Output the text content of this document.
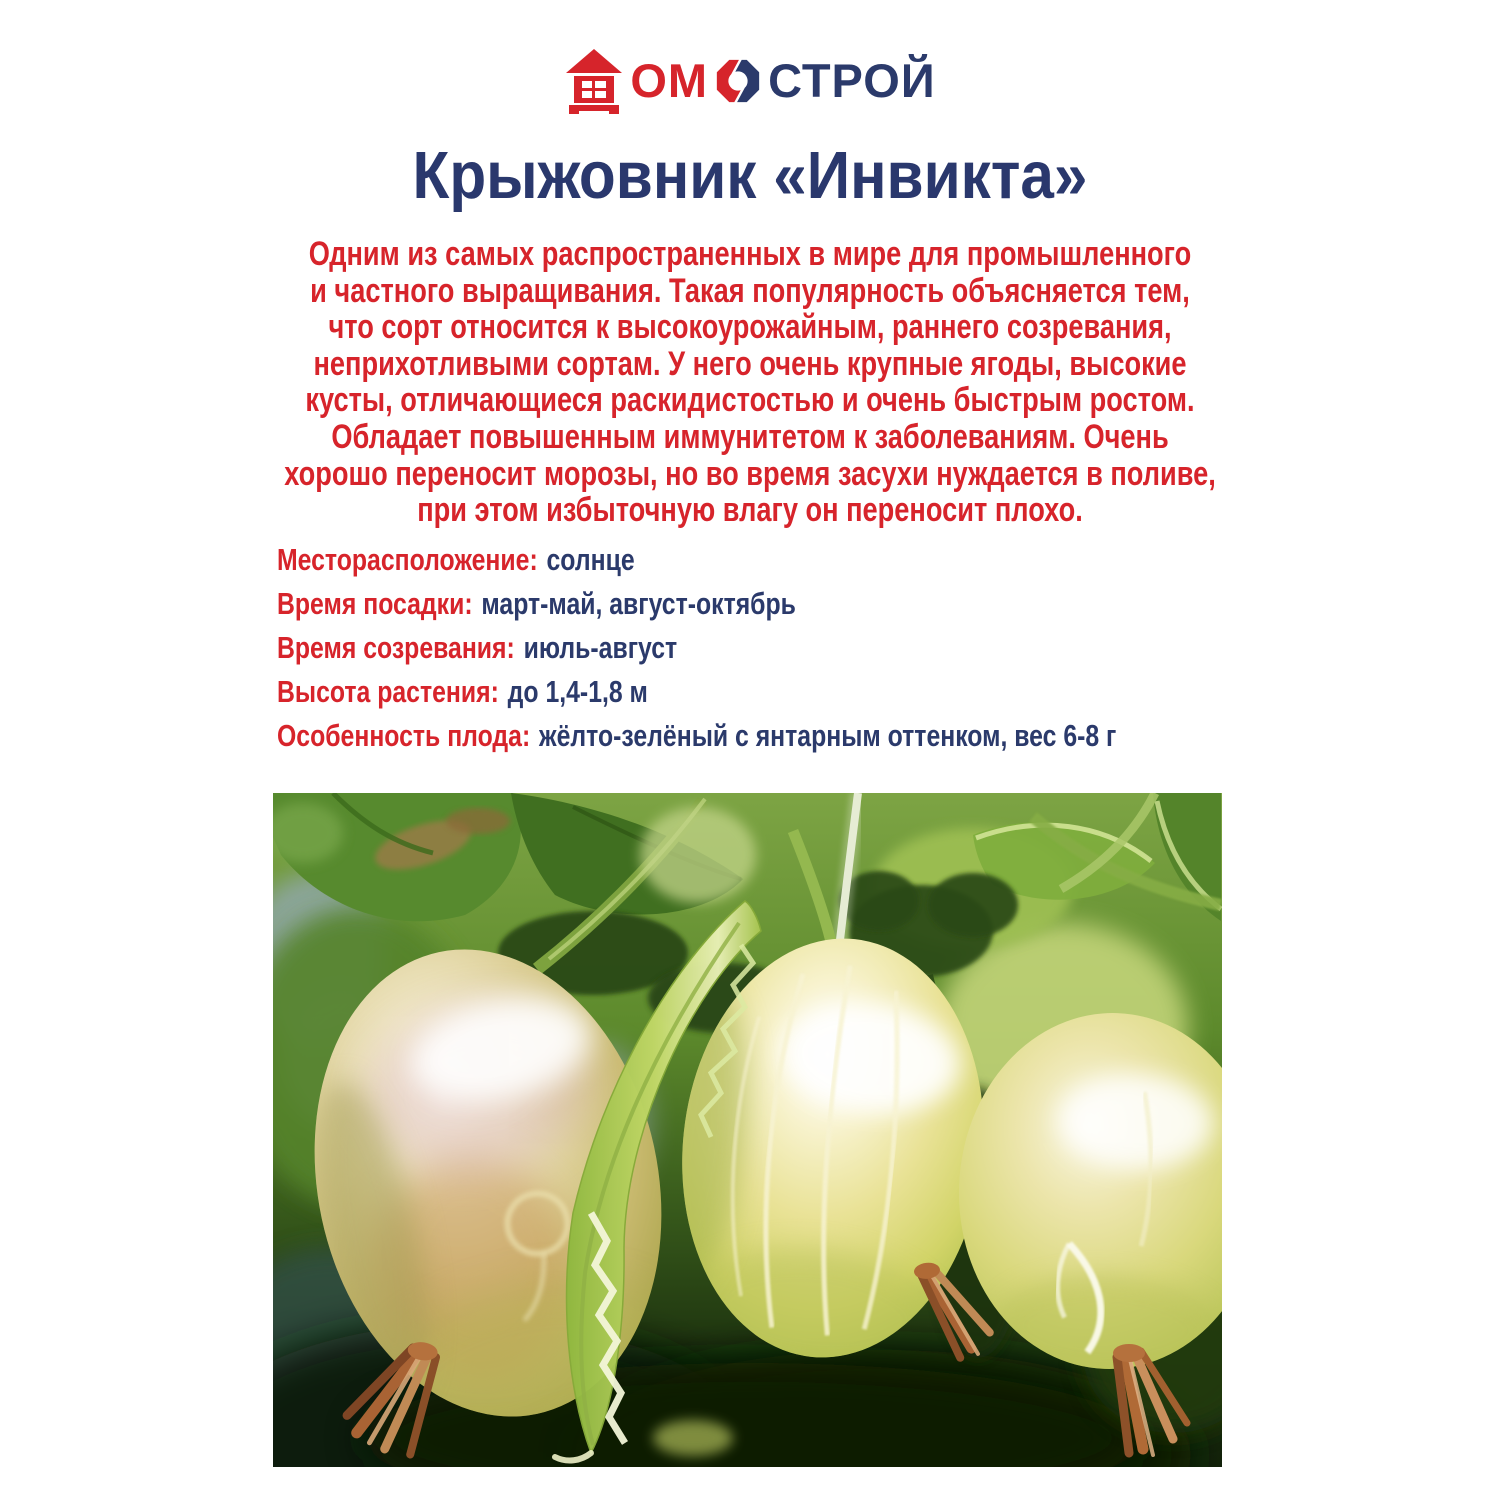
ОМ СТРОЙ
Крыжовник «Инвикта»
Одним из самых распространенных в мире для промышленного
и частного выращивания. Такая популярность объясняется тем,
что сорт относится к высокоурожайным, раннего созревания,
неприхотливыми сортам. У него очень крупные ягоды, высокие
кусты, отличающиеся раскидистостью и очень быстрым ростом.
Обладает повышенным иммунитетом к заболеваниям. Очень
хорошо переносит морозы, но во время засухи нуждается в поливе,
при этом избыточную влагу он переносит плохо.
Месторасположение: солнце
Время посадки: март-май, август-октябрь
Время созревания: июль-август
Высота растения: до 1,4-1,8 м
Особенность плода: жёлто-зелёный с янтарным оттенком, вес 6-8 г
